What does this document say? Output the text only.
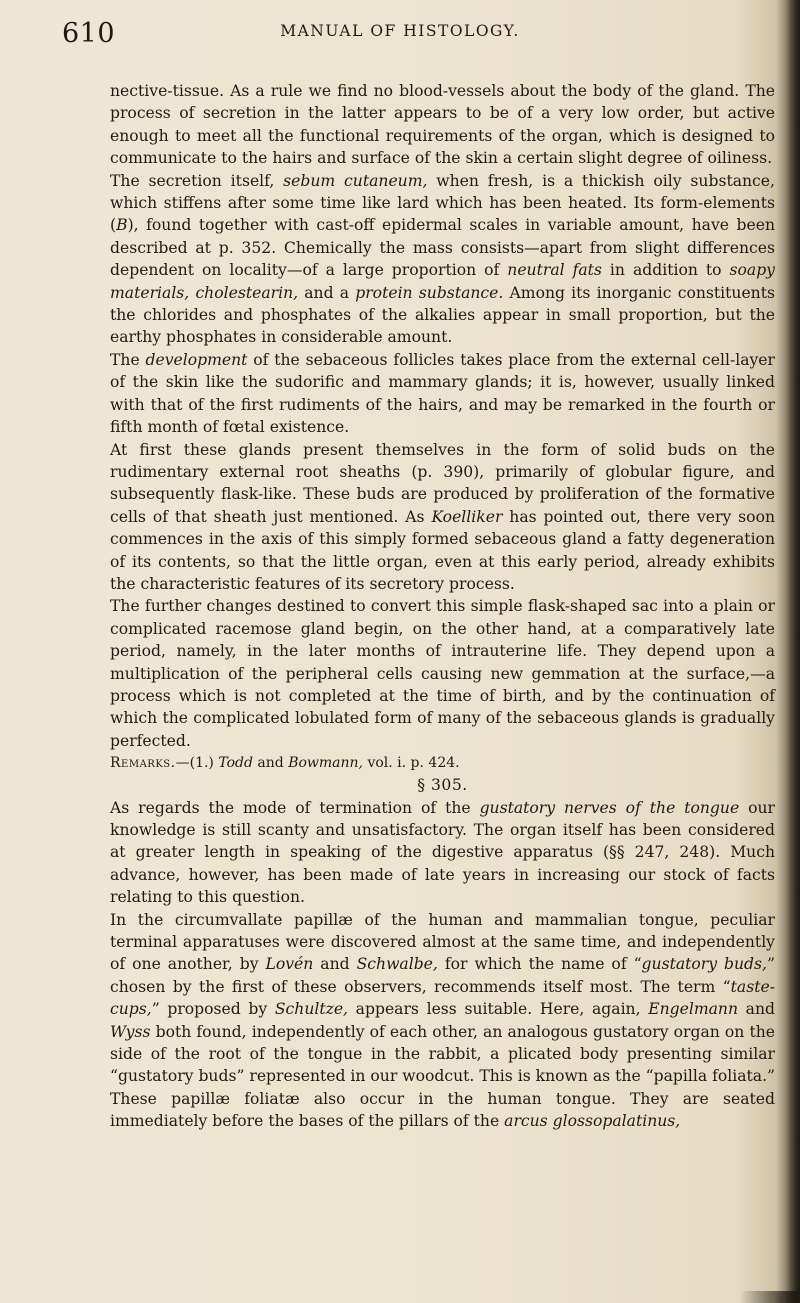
610	MANUAL OF HISTOLOGY.

nective-tissue. As a rule we find no blood-vessels about the body of the gland. The process of secretion in the latter appears to be of a very low order, but active enough to meet all the functional requirements of the organ, which is designed to communicate to the hairs and surface of the skin a certain slight degree of oiliness.

The secretion itself, sebum cutaneum, when fresh, is a thickish oily substance, which stiffens after some time like lard which has been heated. Its form-elements (B), found together with cast-off epidermal scales in variable amount, have been described at p. 352. Chemically the mass consists—apart from slight differences dependent on locality—of a large proportion of neutral fats in addition to soapy materials, cholestearin, and a protein substance. Among its inorganic constituents the chlorides and phosphates of the alkalies appear in small proportion, but the earthy phosphates in considerable amount.

The development of the sebaceous follicles takes place from the external cell-layer of the skin like the sudorific and mammary glands; it is, however, usually linked with that of the first rudiments of the hairs, and may be remarked in the fourth or fifth month of fœtal existence.

At first these glands present themselves in the form of solid buds on the rudimentary external root sheaths (p. 390), primarily of globular figure, and subsequently flask-like. These buds are produced by proliferation of the formative cells of that sheath just mentioned. As Koelliker has pointed out, there very soon commences in the axis of this simply formed sebaceous gland a fatty degeneration of its contents, so that the little organ, even at this early period, already exhibits the characteristic features of its secretory process.

The further changes destined to convert this simple flask-shaped sac into a plain or complicated racemose gland begin, on the other hand, at a comparatively late period, namely, in the later months of intrauterine life. They depend upon a multiplication of the peripheral cells causing new gemmation at the surface,—a process which is not completed at the time of birth, and by the continuation of which the complicated lobulated form of many of the sebaceous glands is gradually perfected.

Remarks.—(1.) Todd and Bowmann, vol. i. p. 424.

§ 305.

As regards the mode of termination of the gustatory nerves of the tongue our knowledge is still scanty and unsatisfactory. The organ itself has been considered at greater length in speaking of the digestive apparatus (§§ 247, 248). Much advance, however, has been made of late years in increasing our stock of facts relating to this question.

In the circumvallate papillæ of the human and mammalian tongue, peculiar terminal apparatuses were discovered almost at the same time, and independently of one another, by Lovén and Schwalbe, for which the name of “gustatory buds,” chosen by the first of these observers, recommends itself most. The term “taste-cups,” proposed by Schultze, appears less suitable. Here, again, Engelmann and Wyss both found, independently of each other, an analogous gustatory organ on the side of the root of the tongue in the rabbit, a plicated body presenting similar “gustatory buds” represented in our woodcut. This is known as the “papilla foliata.”

These papillæ foliatæ also occur in the human tongue. They are seated immediately before the bases of the pillars of the arcus glossopalatinus,
